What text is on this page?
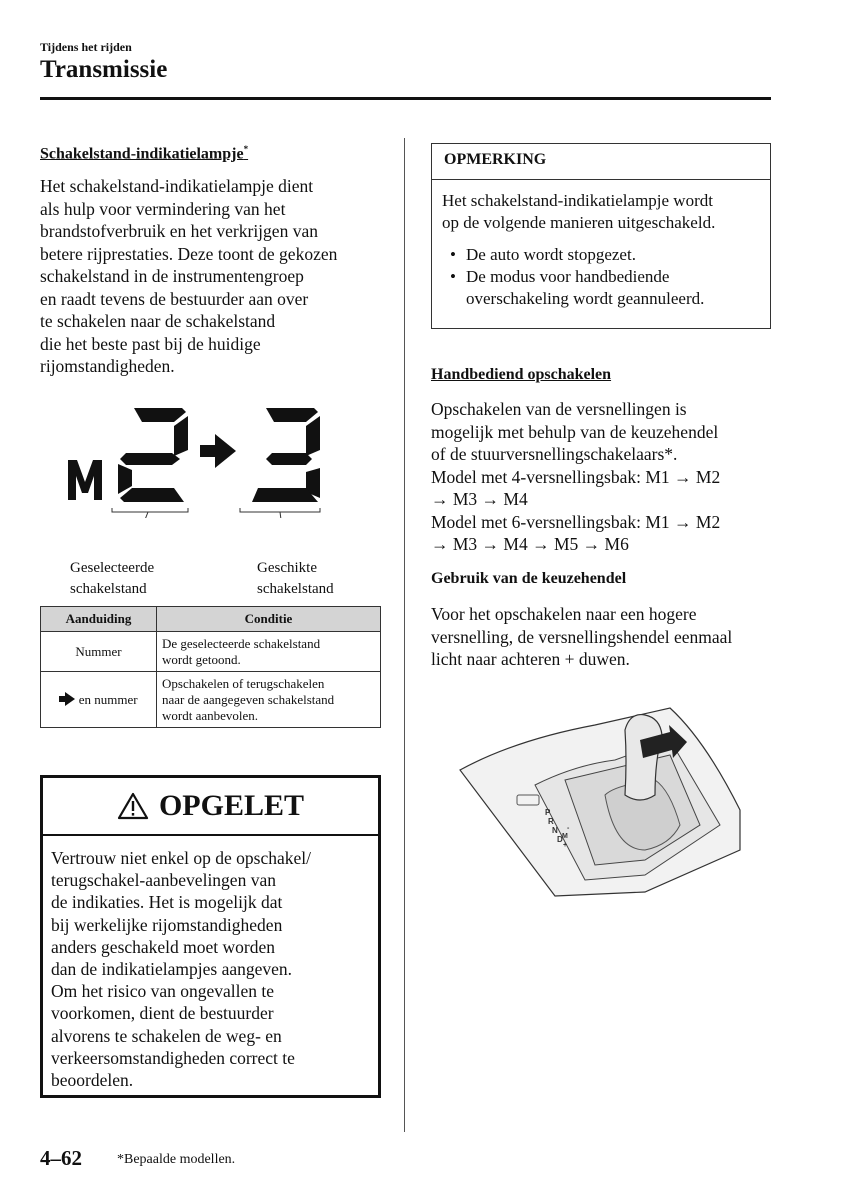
Tijdens het rijden
Transmissie
Schakelstand-indikatielampje*
Het schakelstand-indikatielampje dient
als hulp voor vermindering van het
brandstofverbruik en het verkrijgen van
betere rijprestaties. Deze toont de gekozen
schakelstand in de instrumentengroep
en raadt tevens de bestuurder aan over
te schakelen naar de schakelstand
die het beste past bij de huidige
rijomstandigheden.
Geselecteerde
schakelstand
Geschikte
schakelstand
Aanduiding	Conditie
Nummer	De geselecteerde schakelstand
wordt getoond.
en nummer	Opschakelen of terugschakelen
naar de aangegeven schakelstand
wordt aanbevolen.
OPGELET
Vertrouw niet enkel op de opschakel/
terugschakel-aanbevelingen van
de indikaties. Het is mogelijk dat
bij werkelijke rijomstandigheden
anders geschakeld moet worden
dan de indikatielampjes aangeven.
Om het risico van ongevallen te
voorkomen, dient de bestuurder
alvorens te schakelen de weg- en
verkeersomstandigheden correct te
beoordelen.
OPMERKING
Het schakelstand-indikatielampje wordt
op de volgende manieren uitgeschakeld.
• De auto wordt stopgezet.
• De modus voor handbediende
overschakeling wordt geannuleerd.
Handbediend opschakelen
Opschakelen van de versnellingen is
mogelijk met behulp van de keuzehendel
of de stuurversnellingschakelaars*.
Model met 4-versnellingsbak: M1 → M2
→ M3 → M4
Model met 6-versnellingsbak: M1 → M2
→ M3 → M4 → M5 → M6
Gebruik van de keuzehendel
Voor het opschakelen naar een hogere
versnelling, de versnellingshendel eenmaal
licht naar achteren + duwen.
P
R
N
D M
+
-
4–62	*Bepaalde modellen.
